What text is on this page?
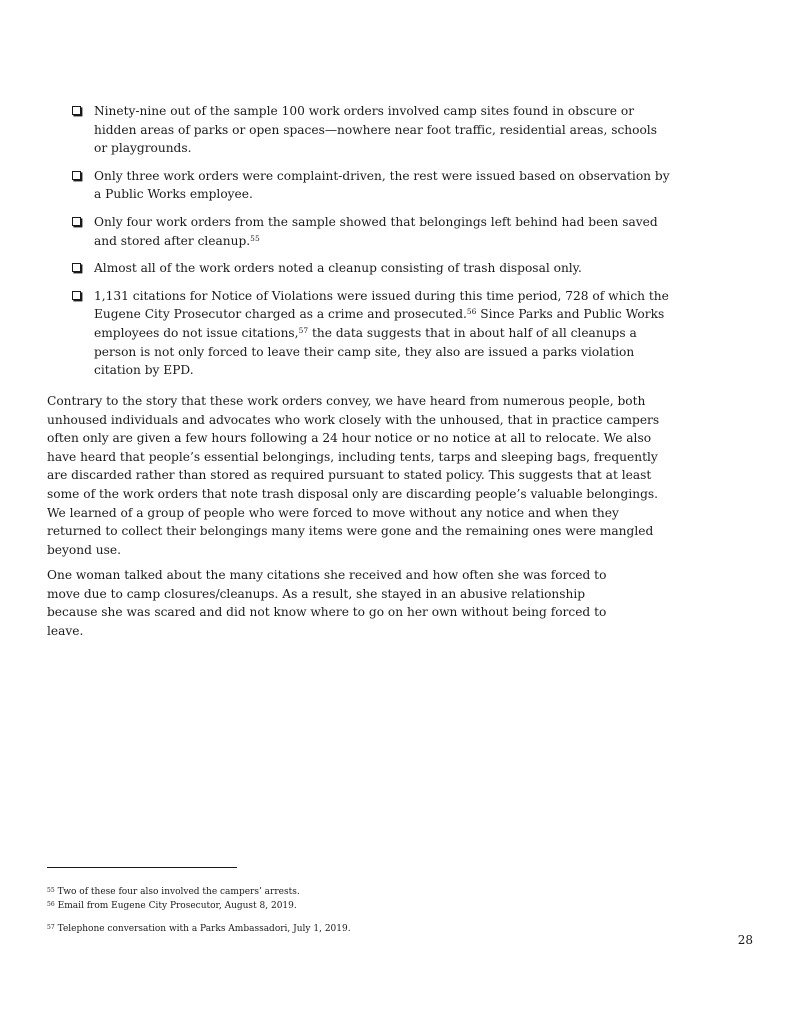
Ninety-nine out of the sample 100 work orders involved camp sites found in obscure or hidden areas of parks or open spaces—nowhere near foot traffic, residential areas, schools or playgrounds.
Only three work orders were complaint-driven, the rest were issued based on observation by a Public Works employee.
Only four work orders from the sample showed that belongings left behind had been saved and stored after cleanup.$^{55}$
Almost all of the work orders noted a cleanup consisting of trash disposal only.
1,131 citations for Notice of Violations were issued during this time period, 728 of which the Eugene City Prosecutor charged as a crime and prosecuted.$^{56}$ Since Parks and Public Works employees do not issue citations,$^{57}$ the data suggests that in about half of all cleanups a person is not only forced to leave their camp site, they also are issued a parks violation citation by EPD.

Contrary to the story that these work orders convey, we have heard from numerous people, both unhoused individuals and advocates who work closely with the unhoused, that in practice campers often only are given a few hours following a 24 hour notice or no notice at all to relocate. We also have heard that people’s essential belongings, including tents, tarps and sleeping bags, frequently are discarded rather than stored as required pursuant to stated policy. This suggests that at least some of the work orders that note trash disposal only are discarding people’s valuable belongings. We learned of a group of people who were forced to move without any notice and when they returned to collect their belongings many items were gone and the remaining ones were mangled beyond use.

One woman talked about the many citations she received and how often she was forced to move due to camp closures/cleanups. As a result, she stayed in an abusive relationship because she was scared and did not know where to go on her own without being forced to leave.

$^{55}$ Two of these four also involved the campers’ arrests.

$^{56}$ Email from Eugene City Prosecutor, August 8, 2019.

$^{57}$ Telephone conversation with a Parks Ambassadori, July 1, 2019.

28
